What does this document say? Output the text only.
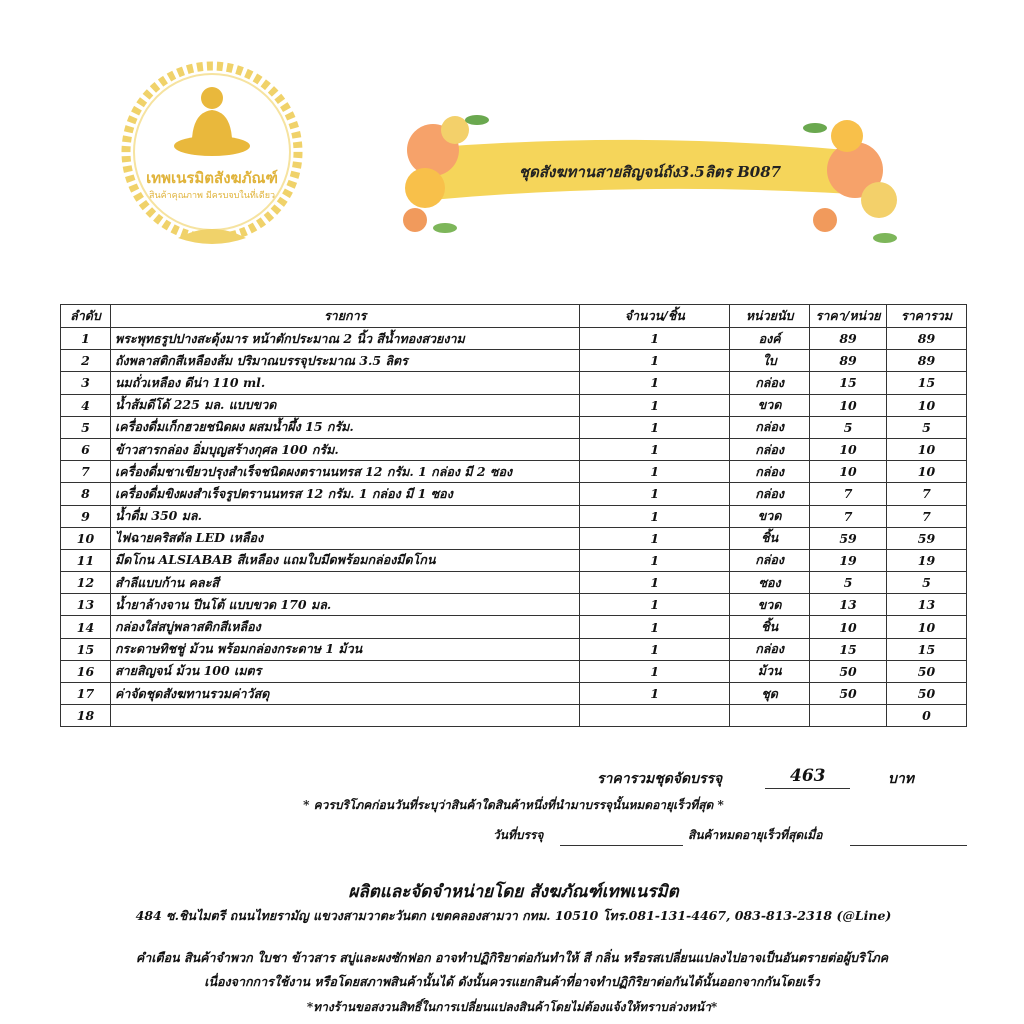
เทพเนรมิตสังฆภัณฑ์
สินค้าคุณภาพ มีครบจบในที่เดียว
ชุดสังฆทานสายสิญจน์ถัง3.5ลิตร B087
ลำดับ	รายการ	จำนวน/ชิ้น	หน่วยนับ	ราคา/หน่วย	ราคารวม
1	พระพุทธรูปปางสะดุ้งมาร หน้าตักประมาณ 2 นิ้ว สีน้ำทองสวยงาม	1	องค์	89	89
2	ถังพลาสติกสีเหลืองส้ม ปริมาณบรรจุประมาณ 3.5 ลิตร	1	ใบ	89	89
3	นมถั่วเหลือง ดีน่า 110 ml.	1	กล่อง	15	15
4	น้ำส้มดีโด้ 225 มล. แบบขวด	1	ขวด	10	10
5	เครื่องดื่มเก็กฮวยชนิดผง ผสมน้ำผึ้ง 15 กรัม.	1	กล่อง	5	5
6	ข้าวสารกล่อง อิ่มบุญสร้างกุศล 100 กรัม.	1	กล่อง	10	10
7	เครื่องดื่มชาเขียวปรุงสำเร็จชนิดผงตรานนทรส 12 กรัม. 1 กล่อง มี 2 ซอง	1	กล่อง	10	10
8	เครื่องดื่มขิงผงสำเร็จรูปตรานนทรส 12 กรัม. 1 กล่อง มี 1 ซอง	1	กล่อง	7	7
9	น้ำดื่ม 350 มล.	1	ขวด	7	7
10	ไฟฉายคริสตัล LED เหลือง	1	ชิ้น	59	59
11	มีดโกน ALSIABAB สีเหลือง แถมใบมีดพร้อมกล่องมีดโกน	1	กล่อง	19	19
12	สำลีแบบก้าน คละสี	1	ซอง	5	5
13	น้ำยาล้างจาน ปีนโต้ แบบขวด 170 มล.	1	ขวด	13	13
14	กล่องใส่สบู่พลาสติกสีเหลือง	1	ชิ้น	10	10
15	กระดาษทิชชู่ ม้วน พร้อมกล่องกระดาษ 1 ม้วน	1	กล่อง	15	15
16	สายสิญจน์ ม้วน 100 เมตร	1	ม้วน	50	50
17	ค่าจัดชุดสังฆทานรวมค่าวัสดุ	1	ชุด	50	50
18					0
ราคารวมชุดจัดบรรจุ	463	บาท
* ควรบริโภคก่อนวันที่ระบุว่าสินค้าใดสินค้าหนึ่งที่นำมาบรรจุนั้นหมดอายุเร็วที่สุด *
วันที่บรรจุ	สินค้าหมดอายุเร็วที่สุดเมื่อ
ผลิตและจัดจำหน่ายโดย สังฆภัณฑ์เทพเนรมิต
484 ซ.ชินไมตรี ถนนไทยรามัญ แขวงสามวาตะวันตก เขตคลองสามวา กทม. 10510 โทร.081-131-4467, 083-813-2318 (@Line)
คำเตือน สินค้าจำพวก ใบชา ข้าวสาร สบู่และผงซักฟอก อาจทำปฏิกิริยาต่อกันทำให้ สี กลิ่น หรือรสเปลี่ยนแปลงไปอาจเป็นอันตรายต่อผู้บริโภค
เนื่องจากการใช้งาน หรือโดยสภาพสินค้านั้นได้ ดังนั้นควรแยกสินค้าที่อาจทำปฏิกิริยาต่อกันได้นั้นออกจากกันโดยเร็ว
*ทางร้านขอสงวนสิทธิ์ในการเปลี่ยนแปลงสินค้าโดยไม่ต้องแจ้งให้ทราบล่วงหน้า*
